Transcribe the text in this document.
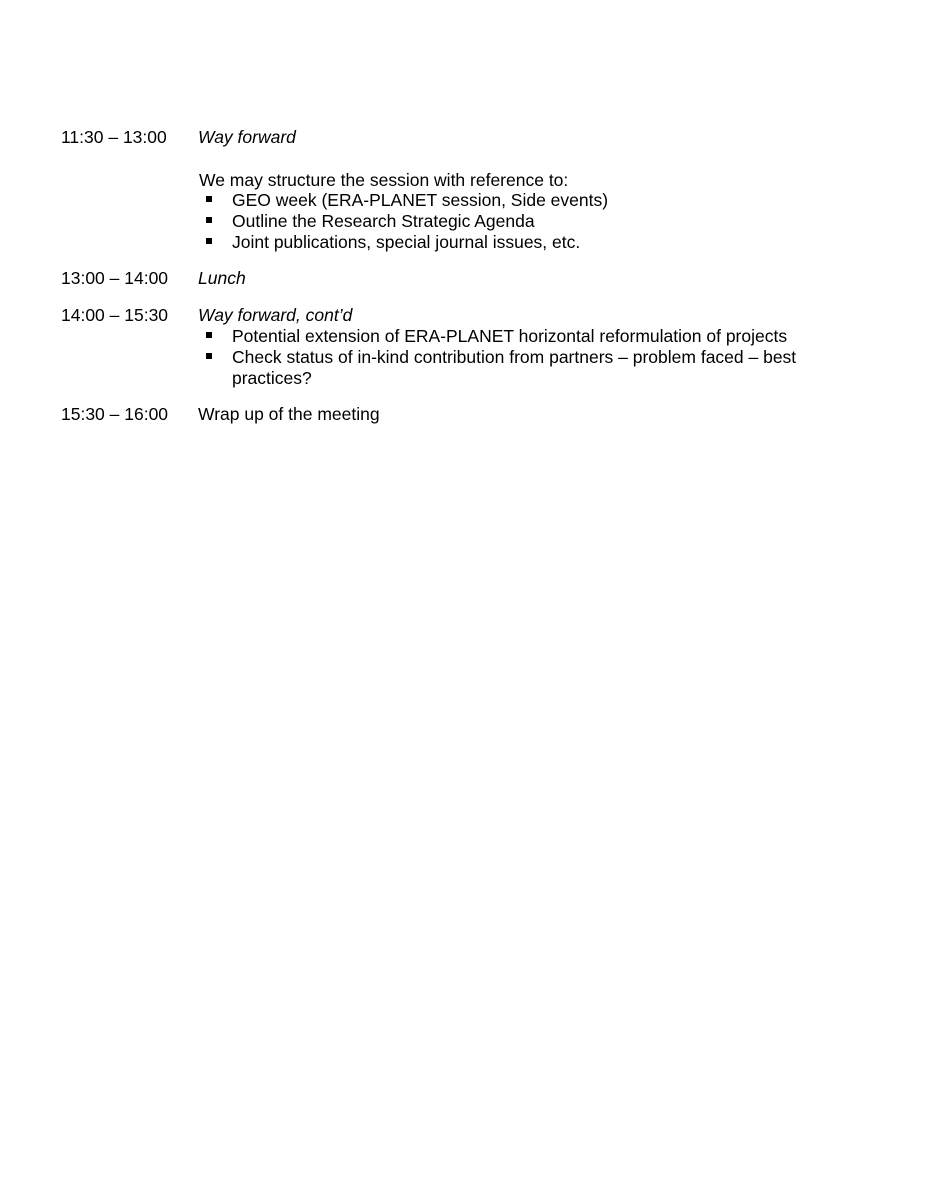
11:30 – 13:00 Way forward
We may structure the session with reference to:
GEO week (ERA-PLANET session, Side events)
Outline the Research Strategic Agenda
Joint publications, special journal issues, etc.
13:00 – 14:00 Lunch
14:00 – 15:30 Way forward, cont’d
Potential extension of ERA-PLANET horizontal reformulation of projects
Check status of in-kind contribution from partners – problem faced – best practices?
15:30 – 16:00 Wrap up of the meeting
